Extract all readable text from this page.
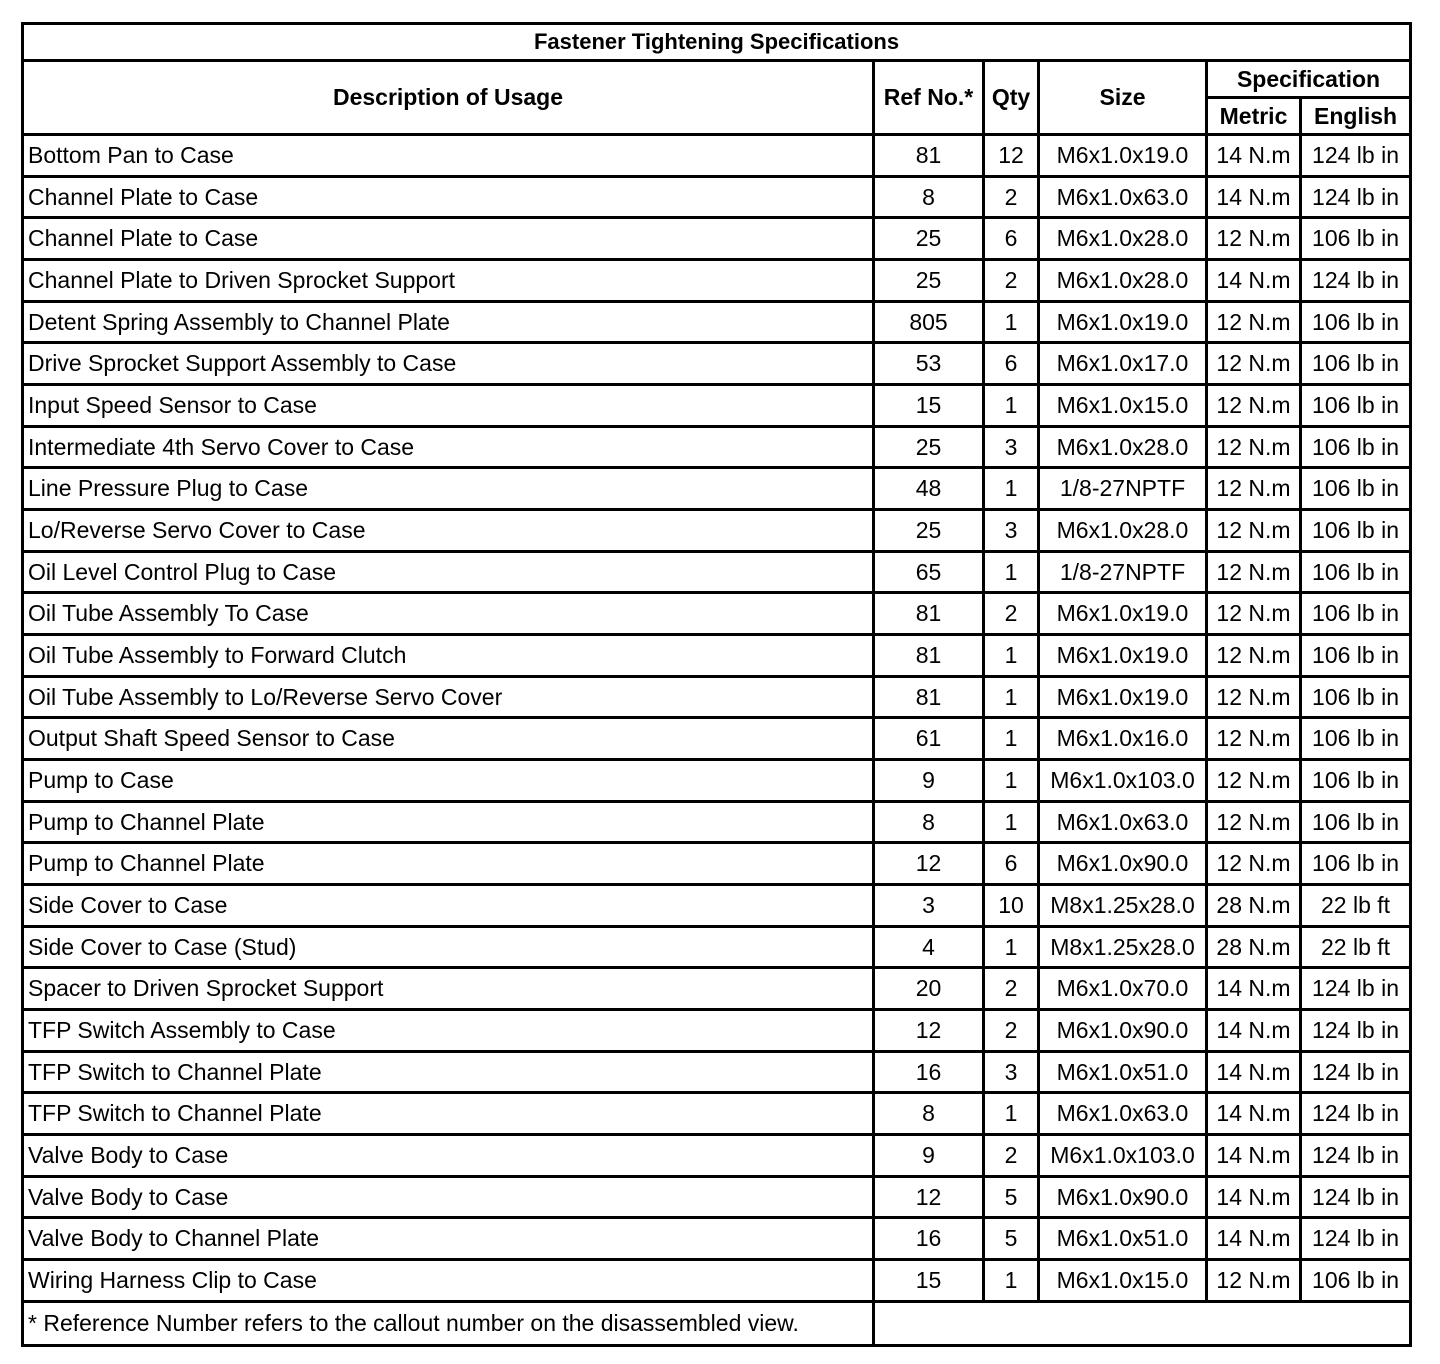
Fastener Tightening Specifications					
Description of Usage	Ref No.*	Qty	Size	Specification	
				Metric	English
Bottom Pan to Case	81	12	M6x1.0x19.0	14 N.m	124 lb in
Channel Plate to Case	8	2	M6x1.0x63.0	14 N.m	124 lb in
Channel Plate to Case	25	6	M6x1.0x28.0	12 N.m	106 lb in
Channel Plate to Driven Sprocket Support	25	2	M6x1.0x28.0	14 N.m	124 lb in
Detent Spring Assembly to Channel Plate	805	1	M6x1.0x19.0	12 N.m	106 lb in
Drive Sprocket Support Assembly to Case	53	6	M6x1.0x17.0	12 N.m	106 lb in
Input Speed Sensor to Case	15	1	M6x1.0x15.0	12 N.m	106 lb in
Intermediate 4th Servo Cover to Case	25	3	M6x1.0x28.0	12 N.m	106 lb in
Line Pressure Plug to Case	48	1	1/8-27NPTF	12 N.m	106 lb in
Lo/Reverse Servo Cover to Case	25	3	M6x1.0x28.0	12 N.m	106 lb in
Oil Level Control Plug to Case	65	1	1/8-27NPTF	12 N.m	106 lb in
Oil Tube Assembly To Case	81	2	M6x1.0x19.0	12 N.m	106 lb in
Oil Tube Assembly to Forward Clutch	81	1	M6x1.0x19.0	12 N.m	106 lb in
Oil Tube Assembly to Lo/Reverse Servo Cover	81	1	M6x1.0x19.0	12 N.m	106 lb in
Output Shaft Speed Sensor to Case	61	1	M6x1.0x16.0	12 N.m	106 lb in
Pump to Case	9	1	M6x1.0x103.0	12 N.m	106 lb in
Pump to Channel Plate	8	1	M6x1.0x63.0	12 N.m	106 lb in
Pump to Channel Plate	12	6	M6x1.0x90.0	12 N.m	106 lb in
Side Cover to Case	3	10	M8x1.25x28.0	28 N.m	22 lb ft
Side Cover to Case (Stud)	4	1	M8x1.25x28.0	28 N.m	22 lb ft
Spacer to Driven Sprocket Support	20	2	M6x1.0x70.0	14 N.m	124 lb in
TFP Switch Assembly to Case	12	2	M6x1.0x90.0	14 N.m	124 lb in
TFP Switch to Channel Plate	16	3	M6x1.0x51.0	14 N.m	124 lb in
TFP Switch to Channel Plate	8	1	M6x1.0x63.0	14 N.m	124 lb in
Valve Body to Case	9	2	M6x1.0x103.0	14 N.m	124 lb in
Valve Body to Case	12	5	M6x1.0x90.0	14 N.m	124 lb in
Valve Body to Channel Plate	16	5	M6x1.0x51.0	14 N.m	124 lb in
Wiring Harness Clip to Case	15	1	M6x1.0x15.0	12 N.m	106 lb in
* Reference Number refers to the callout number on the disassembled view.					
